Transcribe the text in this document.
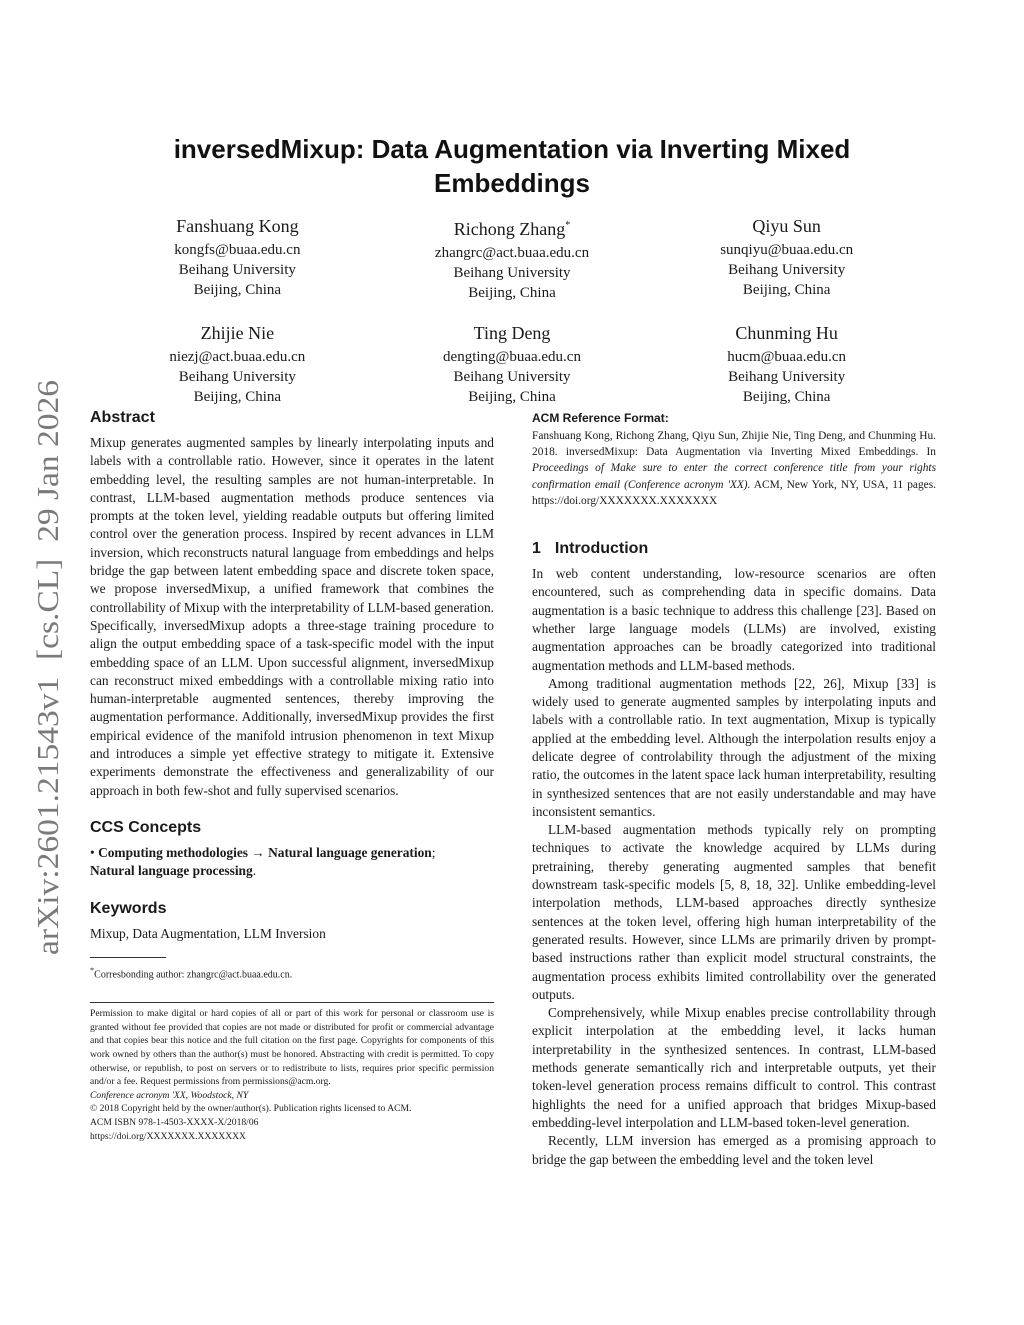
arXiv:2601.21543v1  [cs.CL]  29 Jan 2026
inversedMixup: Data Augmentation via Inverting Mixed Embeddings
Fanshuang Kong
kongfs@buaa.edu.cn
Beihang University
Beijing, China
Richong Zhang*
zhangrc@act.buaa.edu.cn
Beihang University
Beijing, China
Qiyu Sun
sunqiyu@buaa.edu.cn
Beihang University
Beijing, China
Zhijie Nie
niezj@act.buaa.edu.cn
Beihang University
Beijing, China
Ting Deng
dengting@buaa.edu.cn
Beihang University
Beijing, China
Chunming Hu
hucm@buaa.edu.cn
Beihang University
Beijing, China
Abstract

Mixup generates augmented samples by linearly interpolating inputs and labels with a controllable ratio. However, since it operates in the latent embedding level, the resulting samples are not human-interpretable. In contrast, LLM-based augmentation methods produce sentences via prompts at the token level, yielding readable outputs but offering limited control over the generation process. Inspired by recent advances in LLM inversion, which reconstructs natural language from embeddings and helps bridge the gap between latent embedding space and discrete token space, we propose inversedMixup, a unified framework that combines the controllability of Mixup with the interpretability of LLM-based generation. Specifically, inversedMixup adopts a three-stage training procedure to align the output embedding space of a task-specific model with the input embedding space of an LLM. Upon successful alignment, inversedMixup can reconstruct mixed embeddings with a controllable mixing ratio into human-interpretable augmented sentences, thereby improving the augmentation performance. Additionally, inversedMixup provides the first empirical evidence of the manifold intrusion phenomenon in text Mixup and introduces a simple yet effective strategy to mitigate it. Extensive experiments demonstrate the effectiveness and generalizability of our approach in both few-shot and fully supervised scenarios.

CCS Concepts

• Computing methodologies → Natural language generation;
Natural language processing.

Keywords

Mixup, Data Augmentation, LLM Inversion

*Corresbonding author: zhangrc@act.buaa.edu.cn.

Permission to make digital or hard copies of all or part of this work for personal or classroom use is granted without fee provided that copies are not made or distributed for profit or commercial advantage and that copies bear this notice and the full citation on the first page. Copyrights for components of this work owned by others than the author(s) must be honored. Abstracting with credit is permitted. To copy otherwise, or republish, to post on servers or to redistribute to lists, requires prior specific permission and/or a fee. Request permissions from permissions@acm.org.

Conference acronym 'XX, Woodstock, NY

© 2018 Copyright held by the owner/author(s). Publication rights licensed to ACM.

ACM ISBN 978-1-4503-XXXX-X/2018/06

https://doi.org/XXXXXXX.XXXXXXX

ACM Reference Format:

Fanshuang Kong, Richong Zhang, Qiyu Sun, Zhijie Nie, Ting Deng, and Chunming Hu. 2018. inversedMixup: Data Augmentation via Inverting Mixed Embeddings. In Proceedings of Make sure to enter the correct conference title from your rights confirmation email (Conference acronym 'XX). ACM, New York, NY, USA, 11 pages. https://doi.org/XXXXXXX.XXXXXXX

1 Introduction

In web content understanding, low-resource scenarios are often encountered, such as comprehending data in specific domains. Data augmentation is a basic technique to address this challenge [23]. Based on whether large language models (LLMs) are involved, existing augmentation approaches can be broadly categorized into traditional augmentation methods and LLM-based methods.

Among traditional augmentation methods [22, 26], Mixup [33] is widely used to generate augmented samples by interpolating inputs and labels with a controllable ratio. In text augmentation, Mixup is typically applied at the embedding level. Although the interpolation results enjoy a delicate degree of controlability through the adjustment of the mixing ratio, the outcomes in the latent space lack human interpretability, resulting in synthesized sentences that are not easily understandable and may have inconsistent semantics.

LLM-based augmentation methods typically rely on prompting techniques to activate the knowledge acquired by LLMs during pretraining, thereby generating augmented samples that benefit downstream task-specific models [5, 8, 18, 32]. Unlike embedding-level interpolation methods, LLM-based approaches directly synthesize sentences at the token level, offering high human interpretability of the generated results. However, since LLMs are primarily driven by prompt-based instructions rather than explicit model structural constraints, the augmentation process exhibits limited controllability over the generated outputs.

Comprehensively, while Mixup enables precise controllability through explicit interpolation at the embedding level, it lacks human interpretability in the synthesized sentences. In contrast, LLM-based methods generate semantically rich and interpretable outputs, yet their token-level generation process remains difficult to control. This contrast highlights the need for a unified approach that bridges Mixup-based embedding-level interpolation and LLM-based token-level generation.

Recently, LLM inversion has emerged as a promising approach to bridge the gap between the embedding level and the token level
